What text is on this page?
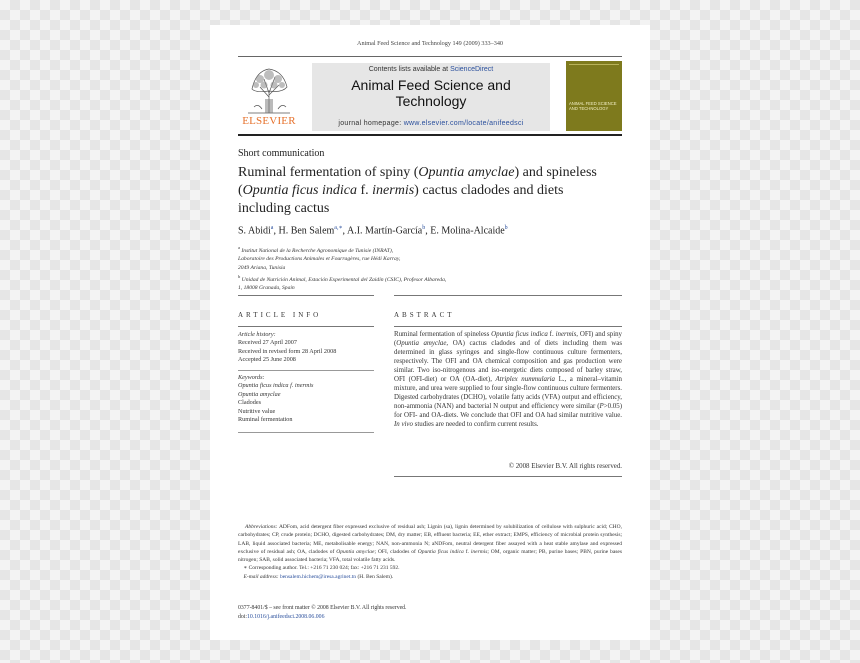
Animal Feed Science and Technology 149 (2009) 333–340
ELSEVIER
Contents lists available at ScienceDirect
Animal Feed Science and
Technology
journal homepage: www.elsevier.com/locate/anifeedsci
ANIMAL FEED SCIENCE AND TECHNOLOGY
Short communication
Ruminal fermentation of spiny (Opuntia amyclae) and spineless (Opuntia ficus indica f. inermis) cactus cladodes and diets including cactus
S. Abidi$^a$, H. Ben Salem$^{a,∗}$, A.I. Martín-García$^b$, E. Molina-Alcaide$^b$
$^a$ Institut National de la Recherche Agronomique de Tunisie (INRAT),
Laboratoire des Productions Animales et Fourragères, rue Hédi Karray,
2049 Ariana, Tunisia
$^b$ Unidad de Nutrición Animal, Estación Experimental del Zaidín (CSIC), Profesor Albareda,
1, 18008 Granada, Spain
ARTICLE INFO	ABSTRACT
Article history:
Received 27 April 2007
Received in revised form 28 April 2008
Accepted 25 June 2008
Keywords:
Opuntia ficus indica f. inermis
Opuntia amyclae
Cladodes
Nutritive value
Ruminal fermentation
Ruminal fermentation of spineless Opuntia ficus indica f. inermis, OFI) and spiny (Opuntia amyclae, OA) cactus cladodes and of diets including them was determined in glass syringes and single-flow continuous culture fermenters, respectively. The OFI and OA chemical composition and gas production were similar. Two iso-nitrogenous and iso-energetic diets composed of barley straw, OFI (OFI-diet) or OA (OA-diet), Atriplex nummularia L., a mineral–vitamin mixture, and urea were supplied to four single-flow continuous culture fermenters. Digested carbohydrates (DCHO), volatile fatty acids (VFA) output and efficiency, non-ammonia (NAN) and bacterial N output and efficiency were similar (P>0.05) for OFI- and OA-diets. We conclude that OFI and OA had similar nutritive value. In vivo studies are needed to confirm current results.
© 2008 Elsevier B.V. All rights reserved.
Abbreviations: ADFom, acid detergent fiber expressed exclusive of residual ash; Lignin (sa), lignin determined by solubilization of cellulose with sulphuric acid; CHO, carbohydrates; CP, crude protein; DCHO, digested carbohydrates; DM, dry matter; EB, effluent bacteria; EE, ether extract; EMPS, efficiency of microbial protein synthesis; LAB, liquid associated bacteria; ME, metabolisable energy; NAN, non-ammonia N; aNDFom, neutral detergent fiber assayed with a heat stable amylase and expressed exclusive of residual ash; OA, cladodes of Opuntia amyclae; OFI, cladodes of Opuntia ficus indica f. inermis; OM, organic matter; PB, purine bases; PBN, purine bases nitrogen; SAB, solid associated bacteria; VFA, total volatile fatty acids.
∗ Corresponding author. Tel.: +216 71 230 024; fax: +216 71 231 592.
E-mail address: bensalem.hichem@iresa.agrinet.tn (H. Ben Salem).
0377-8401/$ – see front matter © 2008 Elsevier B.V. All rights reserved.
doi:10.1016/j.anifeedsci.2008.06.006
